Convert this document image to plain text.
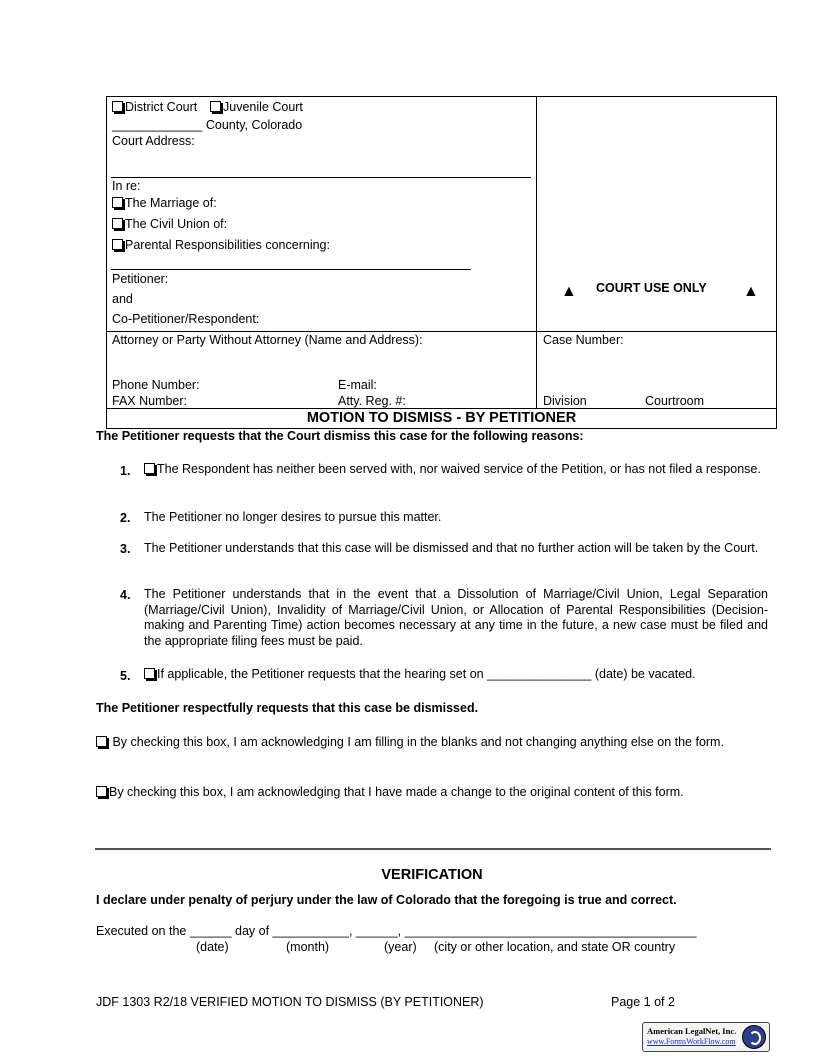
District Court	Juvenile Court
_____________ County, Colorado
Court Address:
In re:
The Marriage of:
The Civil Union of:
Parental Responsibilities concerning:
Petitioner:
and
Co-Petitioner/Respondent:
▲ COURT USE ONLY ▲
Attorney or Party Without Attorney (Name and Address):
Phone Number:	E-mail:
FAX Number:	Atty. Reg. #:
Case Number:
Division	Courtroom
MOTION TO DISMISS - BY PETITIONER
The Petitioner requests that the Court dismiss this case for the following reasons:
1.	The Respondent has neither been served with, nor waived service of the Petition, or has not filed a response.
2. The Petitioner no longer desires to pursue this matter.
3. The Petitioner understands that this case will be dismissed and that no further action will be taken by the Court.
4. The Petitioner understands that in the event that a Dissolution of Marriage/Civil Union, Legal Separation (Marriage/Civil Union), Invalidity of Marriage/Civil Union, or Allocation of Parental Responsibilities (Decision-making and Parenting Time) action becomes necessary at any time in the future, a new case must be filed and the appropriate filing fees must be paid.
5.	If applicable, the Petitioner requests that the hearing set on _______________ (date) be vacated.
The Petitioner respectfully requests that this case be dismissed.
By checking this box, I am acknowledging I am filling in the blanks and not changing anything else on the form.
By checking this box, I am acknowledging that I have made a change to the original content of this form.
VERIFICATION
I declare under penalty of perjury under the law of Colorado that the foregoing is true and correct.
Executed on the ______ day of ___________, ______, __________________________________________
(date)	(month)	(year) (city or other location, and state OR country
JDF 1303 R2/18 VERIFIED MOTION TO DISMISS (BY PETITIONER)	Page 1 of 2
American LegalNet, Inc.
www.FormsWorkFlow.com
